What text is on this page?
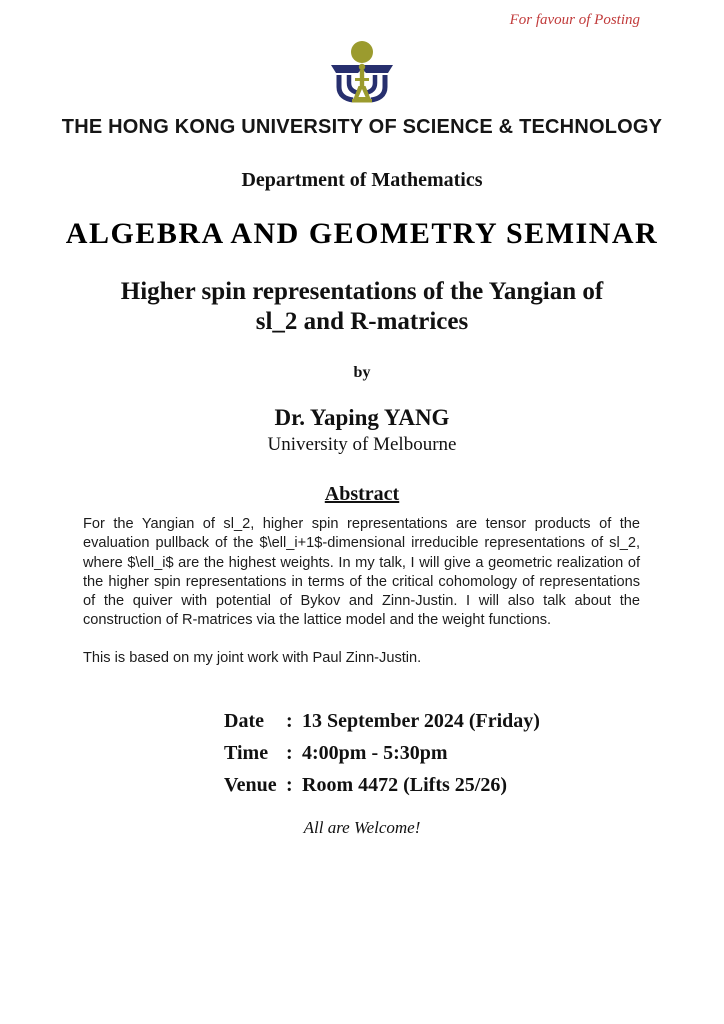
For favour of Posting
THE HONG KONG UNIVERSITY OF SCIENCE & TECHNOLOGY
Department of Mathematics
ALGEBRA AND GEOMETRY SEMINAR
Higher spin representations of the Yangian of
sl_2 and R-matrices
by
Dr. Yaping YANG
University of Melbourne
Abstract
For the Yangian of sl_2, higher spin representations are tensor products of the evaluation pullback of the $\ell_i+1$-dimensional irreducible representations of sl_2, where $\ell_i$ are the highest weights. In my talk, I will give a geometric realization of the higher spin representations in terms of the critical cohomology of representations of the quiver with potential of Bykov and Zinn-Justin. I will also talk about the construction of R-matrices via the lattice model and the weight functions.
This is based on my joint work with Paul Zinn-Justin.
Date	: 13 September 2024 (Friday)
Time : 4:00pm - 5:30pm
Venue : Room 4472 (Lifts 25/26)
All are Welcome!
